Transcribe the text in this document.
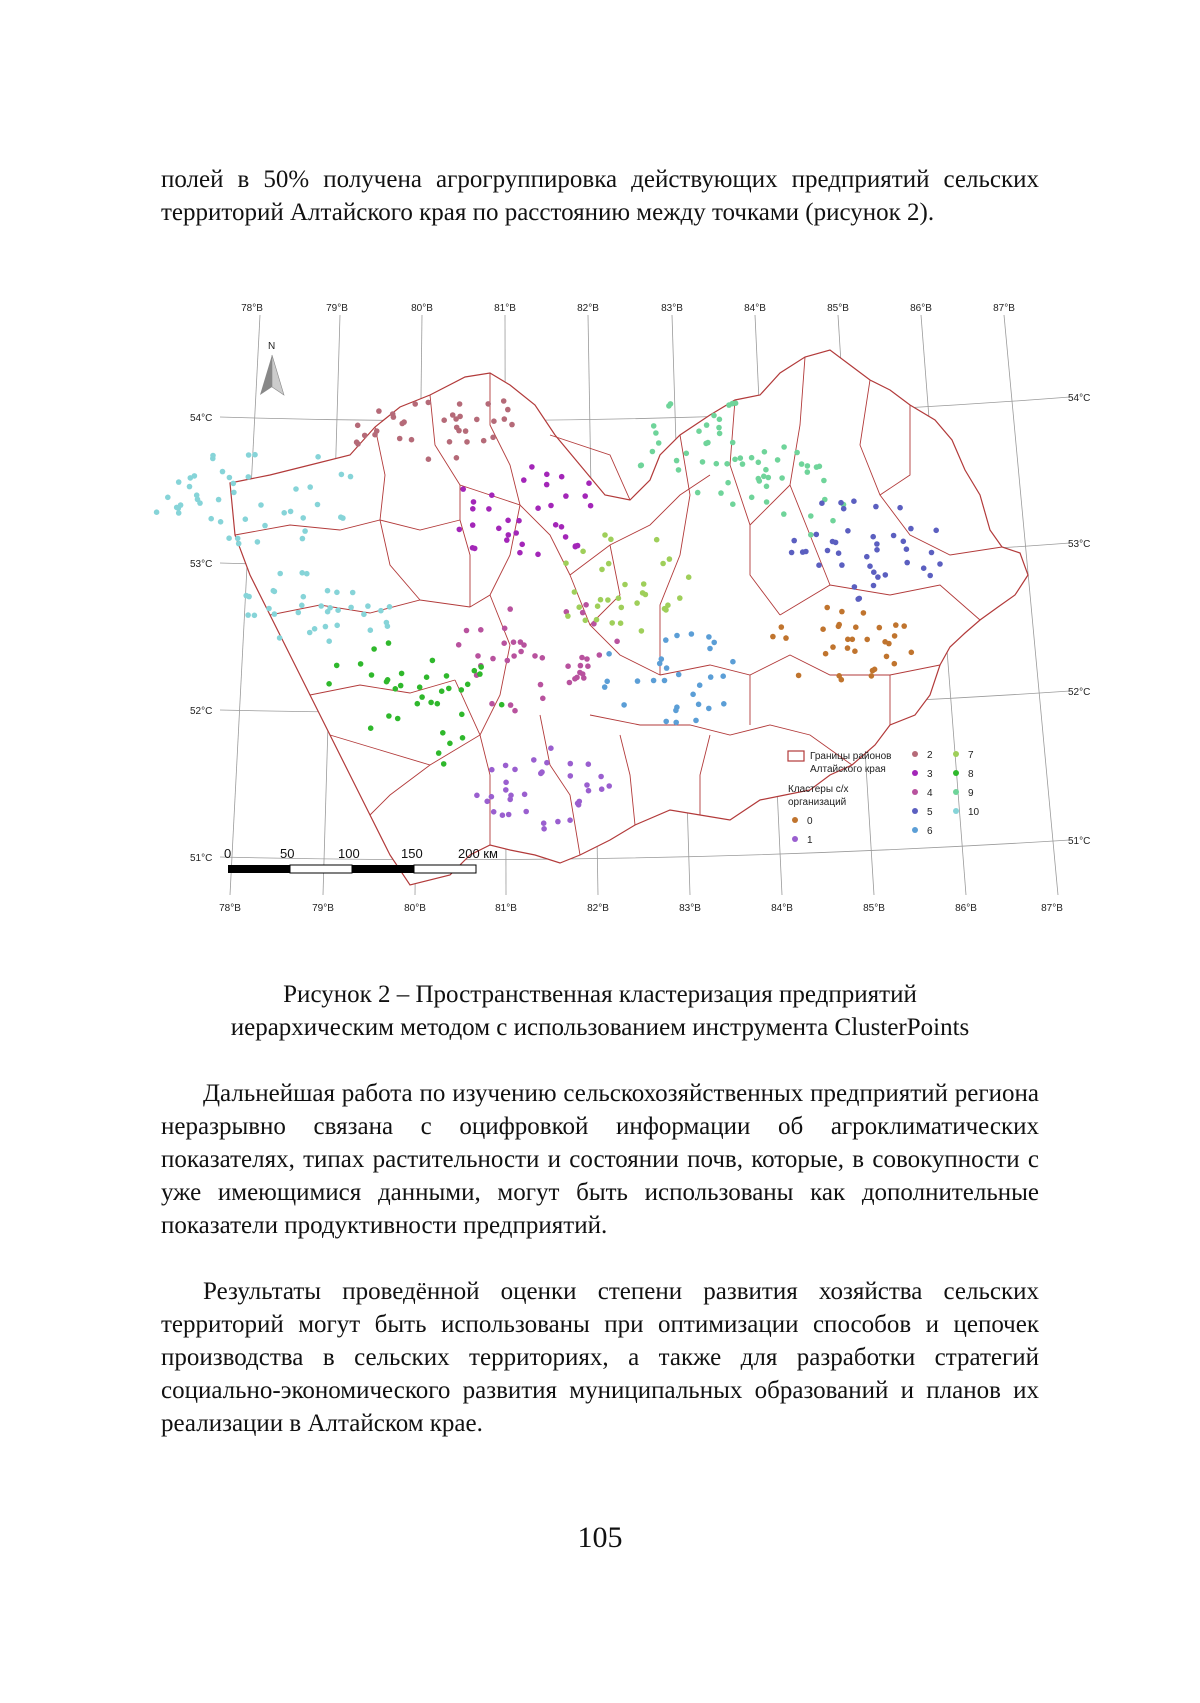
полей в 50% получена агрогруппировка действующих предприятий сельских территорий Алтайского края по расстоянию между точками (рисунок 2).

78°В	79°В	80°В	81°В	82°В	83°В	84°В	85°В	86°В	87°В
78°В	79°В	80°В	81°В	82°В	83°В	84°В	85°В	86°В	87°В
54°С
53°С
52°С
51°С
54°С
53°С
52°С
51°С
N
Границы районов
Алтайского края
Кластеры с/х
организаций
0
1
2
3
4
5
6
7
8
9
10
0	50	100	150	200 км

Рисунок 2 – Пространственная кластеризация предприятий
иерархическим методом с использованием инструмента ClusterPoints

Дальнейшая работа по изучению сельскохозяйственных предприятий региона неразрывно связана с оцифровкой информации об агроклиматических показателях, типах растительности и состоянии почв, которые, в совокупности с уже имеющимися данными, могут быть использованы как дополнительные показатели продуктивности предприятий.

Результаты проведённой оценки степени развития хозяйства сельских территорий могут быть использованы при оптимизации способов и цепочек производства в сельских территориях, а также для разработки стратегий социально-экономического развития муниципальных образований и планов их реализации в Алтайском крае.

105
